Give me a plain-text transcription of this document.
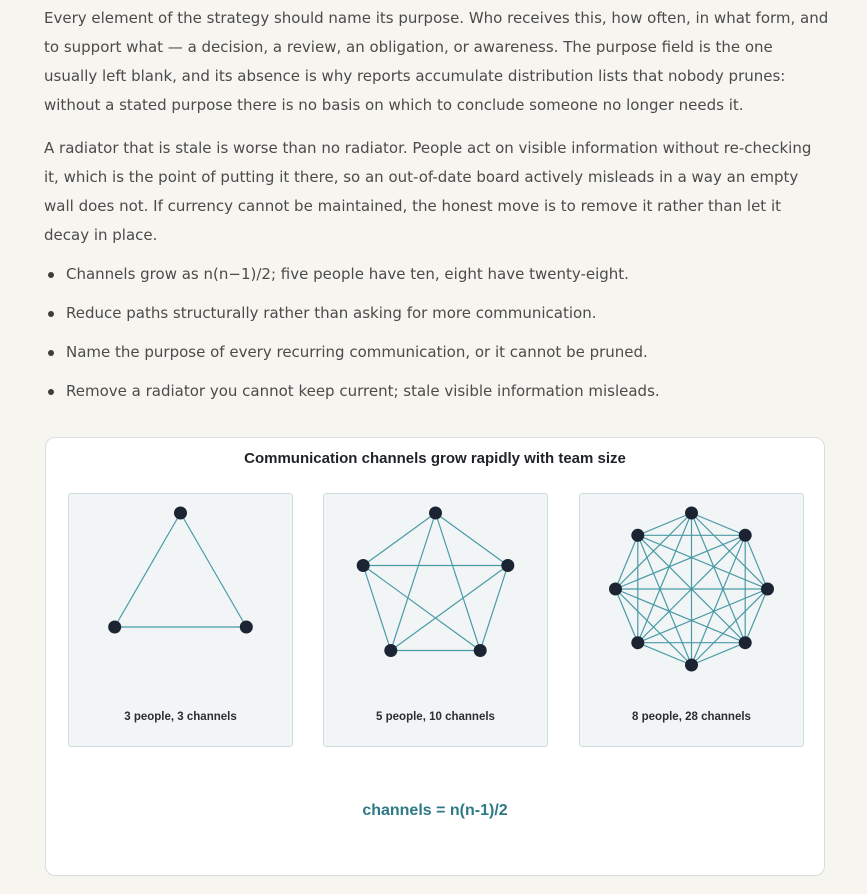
Every element of the strategy should name its purpose. Who receives this, how often, in what form, and to support what — a decision, a review, an obligation, or awareness. The purpose field is the one usually left blank, and its absence is why reports accumulate distribution lists that nobody prunes: without a stated purpose there is no basis on which to conclude someone no longer needs it.

A radiator that is stale is worse than no radiator. People act on visible information without re-checking it, which is the point of putting it there, so an out-of-date board actively misleads in a way an empty wall does not. If currency cannot be maintained, the honest move is to remove it rather than let it decay in place.

Channels grow as n(n−1)/2; five people have ten, eight have twenty-eight.
Reduce paths structurally rather than asking for more communication.
Name the purpose of every recurring communication, or it cannot be pruned.
Remove a radiator you cannot keep current; stale visible information misleads.
Communication channels grow rapidly with team size
3 people, 3 channels	5 people, 10 channels	8 people, 28 channels
channels = n(n-1)/2
